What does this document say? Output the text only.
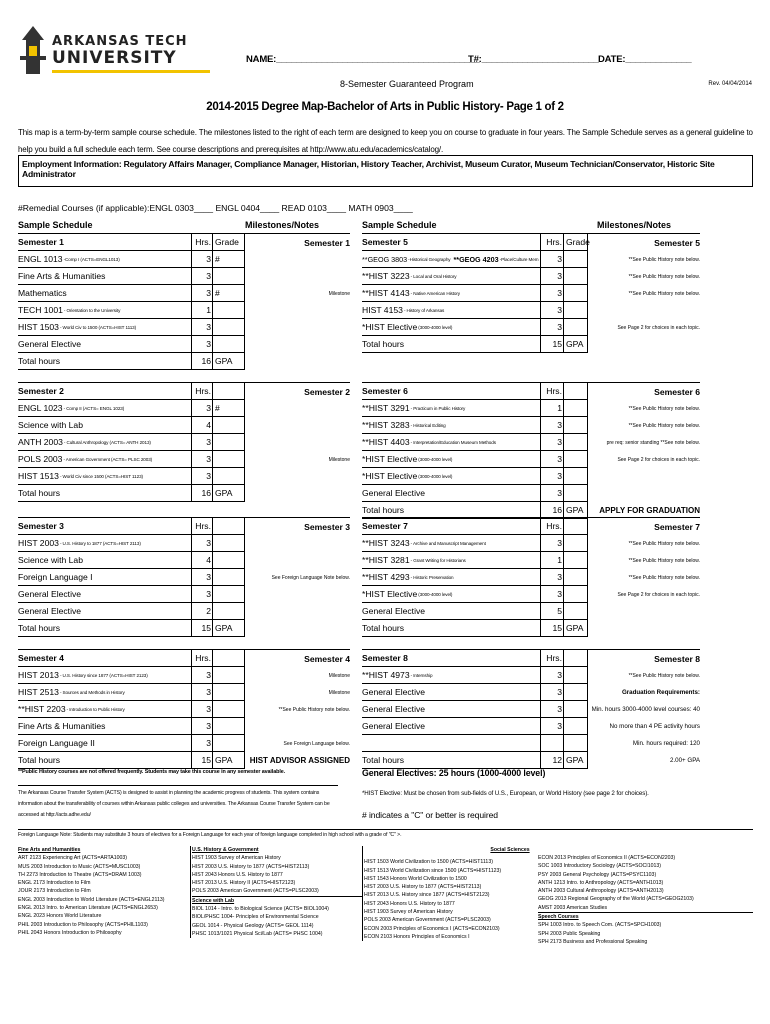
ARKANSAS TECH
UNIVERSITY	NAME:________________________________________
T#:_______________________ DATE:_____________
8-Semester Guaranteed Program	Rev. 04/04/2014
2014-2015 Degree Map-Bachelor of Arts in Public History- Page 1 of 2
This map is a term-by-term sample course schedule. The milestones listed to the right of each term are designed to keep you on course to graduate in four years. The Sample Schedule serves as a general guideline to help you build a full schedule each term. See course descriptions and prerequisites at http://www.atu.edu/academics/catalog/.
Employment Information: Regulatory Affairs Manager, Compliance Manager, Historian, History Teacher, Archivist, Museum Curator, Museum Technician/Conservator, Historic Site Administrator
#Remedial Courses (if applicable):ENGL 0303____ ENGL 0404____ READ 0103____ MATH 0903____
Sample Schedule	Milestones/Notes	Sample Schedule	Milestones/Notes
Semester 1	Hrs. Grade	Semester 1
ENGL 1013 -Comp I (ACTS=ENGL1013)	3 #
Fine Arts & Humanities	3
Mathematics	3 #	Milestone
TECH 1001 - Orientation to the University	1
HIST 1503 - World Civ to 1500 (ACTS=HIST 1113)	3
General Elective	3
Total hours	16 GPA
Semester 2	Hrs.	Semester 2
ENGL 1023 - Comp II (ACTS= ENGL 1023)	3 #
Science with Lab	4
ANTH 2003 - Cultural Anthropology (ACTS= ANTH 2013)	3
POLS 2003 - American Government (ACTS= PLSC 2003)	3	Milestone
HIST 1513 - World Civ since 1500 (ACTS=HIST 1123)	3
Total hours	16 GPA
Semester 3	Hrs.	Semester 3
HIST 2003 - U.S. History to 1877 (ACTS=HIST 2113)	3
Science with Lab	4
Foreign Language I	3	See Foreign Language Note below.
General Elective	3
General Elective	2
Total hours	15 GPA
Semester 4	Hrs.	Semester 4
HIST 2013 - U.S. History since 1877 (ACTS=HIST 2123)	3	Milestone
HIST 2513 - Sources and Methods in History	3	Milestone
**HIST 2203 - Introduction to Public History	3	**See Public History note below.
Fine Arts & Humanities	3
Foreign Language II	3	See Foreign Language below.
Total hours	15 GPA	HIST ADVISOR ASSIGNED
Semester 5	Hrs. Grade	Semester 5
**GEOG 3803 -Historical Geography **GEOG 4203 -Place/Culture Mem	3	**See Public History note below.
**HIST 3223 - Local and Oral History	3	**See Public History note below.
**HIST 4143 - Native American History	3	**See Public History note below.
HIST 4153 - History of Arkansas	3
*HIST Elective (3000-4000 level)	3	See Page 2 for choices in each topic.
Total hours	15 GPA
Semester 6	Hrs.	Semester 6
**HIST 3291 - Practicum in Public History	1	**See Public History note below.
**HIST 3283 - Historical Editing	3	**See Public History note below.
**HIST 4403 - Interpretation/Education Museum Methods	3	pre req: senior standing **See note below.
*HIST Elective (3000-4000 level)	3	See Page 2 for choices in each topic.
*HIST Elective (3000-4000 level)	3
General Elective	3
Total hours	16 GPA	APPLY FOR GRADUATION
Semester 7	Hrs.	Semester 7
**HIST 3243 - Archive and Manuscript Management	3	**See Public History note below.
**HIST 3281 - Grant Writing for Historians	1	**See Public History note below.
**HIST 4293 - Historic Preservation	3	**See Public History note below.
*HIST Elective (3000-4000 level)	3	See Page 2 for choices in each topic.
General Elective	5
Total hours	15 GPA
Semester 8	Hrs.	Semester 8
**HIST 4973 - Internship	3	**See Public History note below.
General Elective	3	Graduation Requirements:
General Elective	3	Min. hours 3000-4000 level courses: 40
General Elective	3	No more than 4 PE activity hours
Min. hours required: 120
Total hours	12 GPA	2.00+ GPA
**Public History courses are not offered frequently. Students may take this course in any semester available.	General Electives: 25 hours (1000-4000 level)
The Arkansas Course Transfer System (ACTS) is designed to assist in planning the academic progress of students. This system contains information about the transferability of courses within Arkansas public colleges and universities. The Arkansas Course Transfer System can be accessed at http://acts.adhe.edu/
*HIST Elective: Must be chosen from sub-fields of U.S., European, or World History (see page 2 for choices).
# indicates a "C" or better is required
Foreign Language Note: Students may substitute 3 hours of electives for a Foreign Language for each year of foreign language completed in high school with a grade of "C" >.
Fine Arts and Humanities
ART 2123 Experiencing Art (ACTS=ARTA1003)
MUS 2003 Introduction to Music (ACTS=MUSC1003)
TH 2273 Introduction to Theatre (ACTS=DRAM 1003)
ENGL 2173 Introduction to Film
JOUR 2173 Introduction to Film
ENGL 2003 Introduction to World Literature (ACTS=ENGL2113)
ENGL 2013 Intro. to American Literature (ACTS=ENGL2653)
ENGL 2023 Honors World Literature
PHIL 2003 Introduction to Philosophy (ACTS=PHIL1103)
PHIL 2043 Honors Introduction to Philosophy
U.S. History & Government
HIST 1903 Survey of American History
HIST 2003 U.S. History to 1877 (ACTS=HIST2113)
HIST 2043 Honors U.S. History to 1877
HIST 2013 U.S. History II (ACTS=HIST2123)
POLS 2003 American Government (ACTS=PLSC2003)
Science with Lab
BIOL 1014 - Intro. to Biological Science (ACTS= BIOL1004)
BIOL/PHSC 1004- Principles of Environmental Science
GEOL 1014 - Physical Geology (ACTS= GEOL 1114)
PHSC 1013/1021 Physical Sci/Lab (ACTS= PHSC 1004)
Social Sciences
HIST 1503 World Civilization to 1500 (ACTS=HIST1113)
HIST 1513 World Civilization since 1500 (ACTS=HIST1123)
HIST 1543 Honors World Civilization to 1500
HIST 2003 U.S. History to 1877 (ACTS=HIST2113)
HIST 2013 U.S. History since 1877 (ACTS=HIST2123)
HIST 2043 Honors U.S. History to 1877
HIST 1903 Survey of American History
POLS 2003 American Government (ACTS=PLSC2003)
ECON 2003 Principles of Economics I (ACTS=ECON2103)
ECON 2103 Honors Principles of Economics I
ECON 2013 Principles of Economics II (ACTS=ECON2203)
SOC 1003 Introductory Sociology (ACTS=SOCI1013)
PSY 2003 General Psychology (ACTS=PSYC1103)
ANTH 1213 Intro. to Anthropology (ACTS=ANTH1013)
ANTH 2003 Cultural Anthropology (ACTS=ANTH2013)
GEOG 2013 Regional Geography of the World (ACTS=GEOG2103)
AMST 2003 American Studies
Speech Courses
SPH 1003 Intro. to Speech Com. (ACTS=SPCH1003)
SPH 2003 Public Speaking
SPH 2173 Business and Professional Speaking
